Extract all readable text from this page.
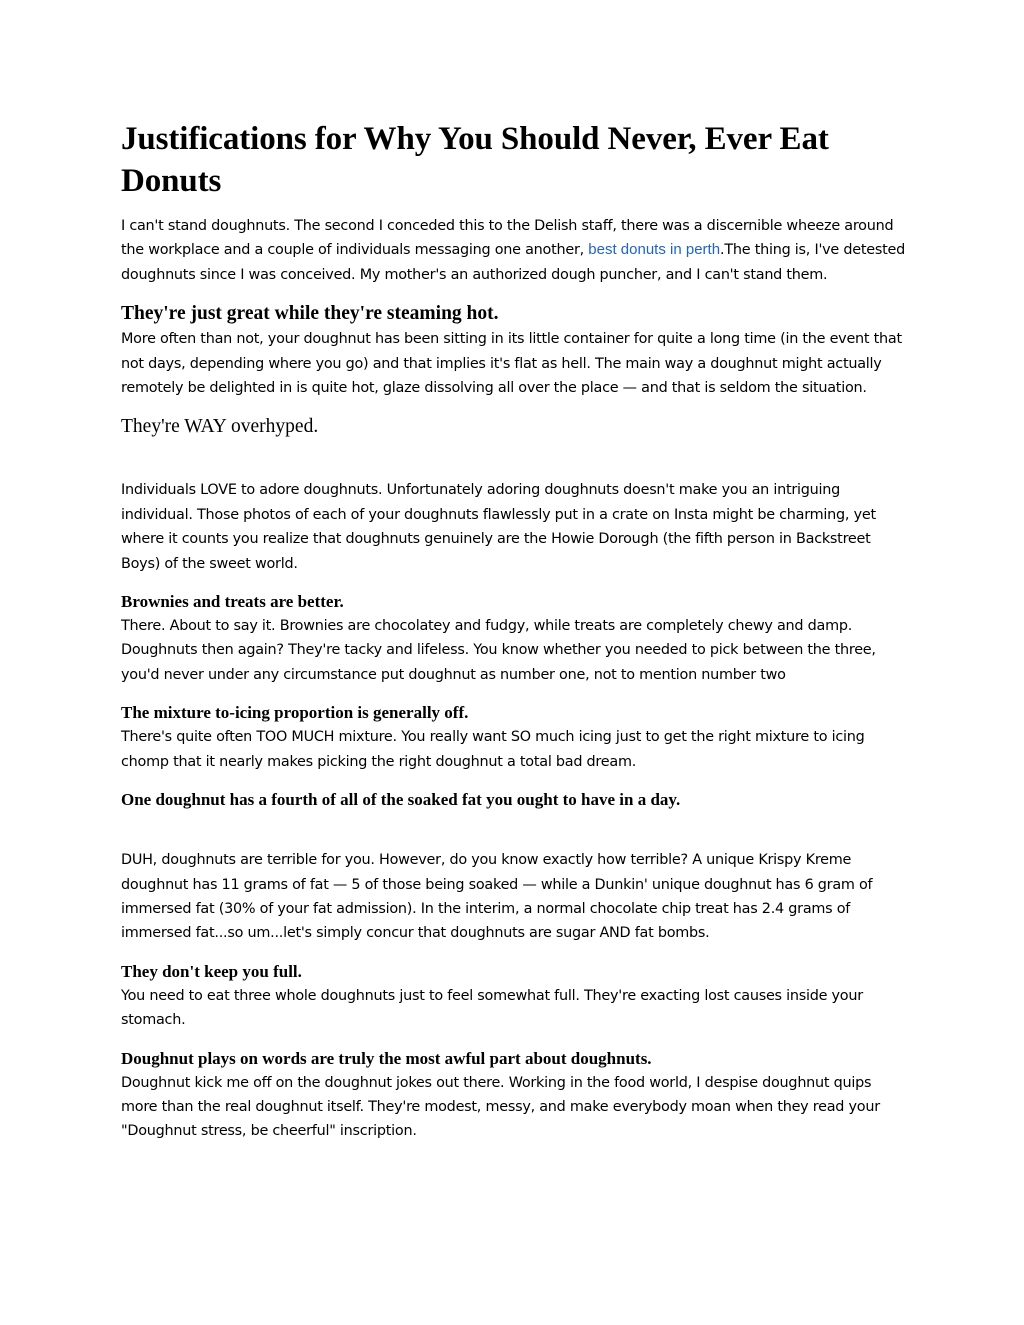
Justifications for Why You Should Never, Ever Eat Donuts

I can't stand doughnuts. The second I conceded this to the Delish staff, there was a discernible wheeze around the workplace and a couple of individuals messaging one another, best donuts in perth.The thing is, I've detested doughnuts since I was conceived. My mother's an authorized dough puncher, and I can't stand them.

They're just great while they're steaming hot.

More often than not, your doughnut has been sitting in its little container for quite a long time (in the event that not days, depending where you go) and that implies it's flat as hell. The main way a doughnut might actually remotely be delighted in is quite hot, glaze dissolving all over the place — and that is seldom the situation.

They're WAY overhyped.

Individuals LOVE to adore doughnuts. Unfortunately adoring doughnuts doesn't make you an intriguing individual. Those photos of each of your doughnuts flawlessly put in a crate on Insta might be charming, yet where it counts you realize that doughnuts genuinely are the Howie Dorough (the fifth person in Backstreet Boys) of the sweet world.

Brownies and treats are better.

There. About to say it. Brownies are chocolatey and fudgy, while treats are completely chewy and damp. Doughnuts then again? They're tacky and lifeless. You know whether you needed to pick between the three, you'd never under any circumstance put doughnut as number one, not to mention number two

The mixture to-icing proportion is generally off.

There's quite often TOO MUCH mixture. You really want SO much icing just to get the right mixture to icing chomp that it nearly makes picking the right doughnut a total bad dream.

One doughnut has a fourth of all of the soaked fat you ought to have in a day.

DUH, doughnuts are terrible for you. However, do you know exactly how terrible? A unique Krispy Kreme doughnut has 11 grams of fat — 5 of those being soaked — while a Dunkin' unique doughnut has 6 gram of immersed fat (30% of your fat admission). In the interim, a normal chocolate chip treat has 2.4 grams of immersed fat...so um...let's simply concur that doughnuts are sugar AND fat bombs.

They don't keep you full.

You need to eat three whole doughnuts just to feel somewhat full. They're exacting lost causes inside your stomach.

Doughnut plays on words are truly the most awful part about doughnuts.

Doughnut kick me off on the doughnut jokes out there. Working in the food world, I despise doughnut quips more than the real doughnut itself. They're modest, messy, and make everybody moan when they read your "Doughnut stress, be cheerful" inscription.
